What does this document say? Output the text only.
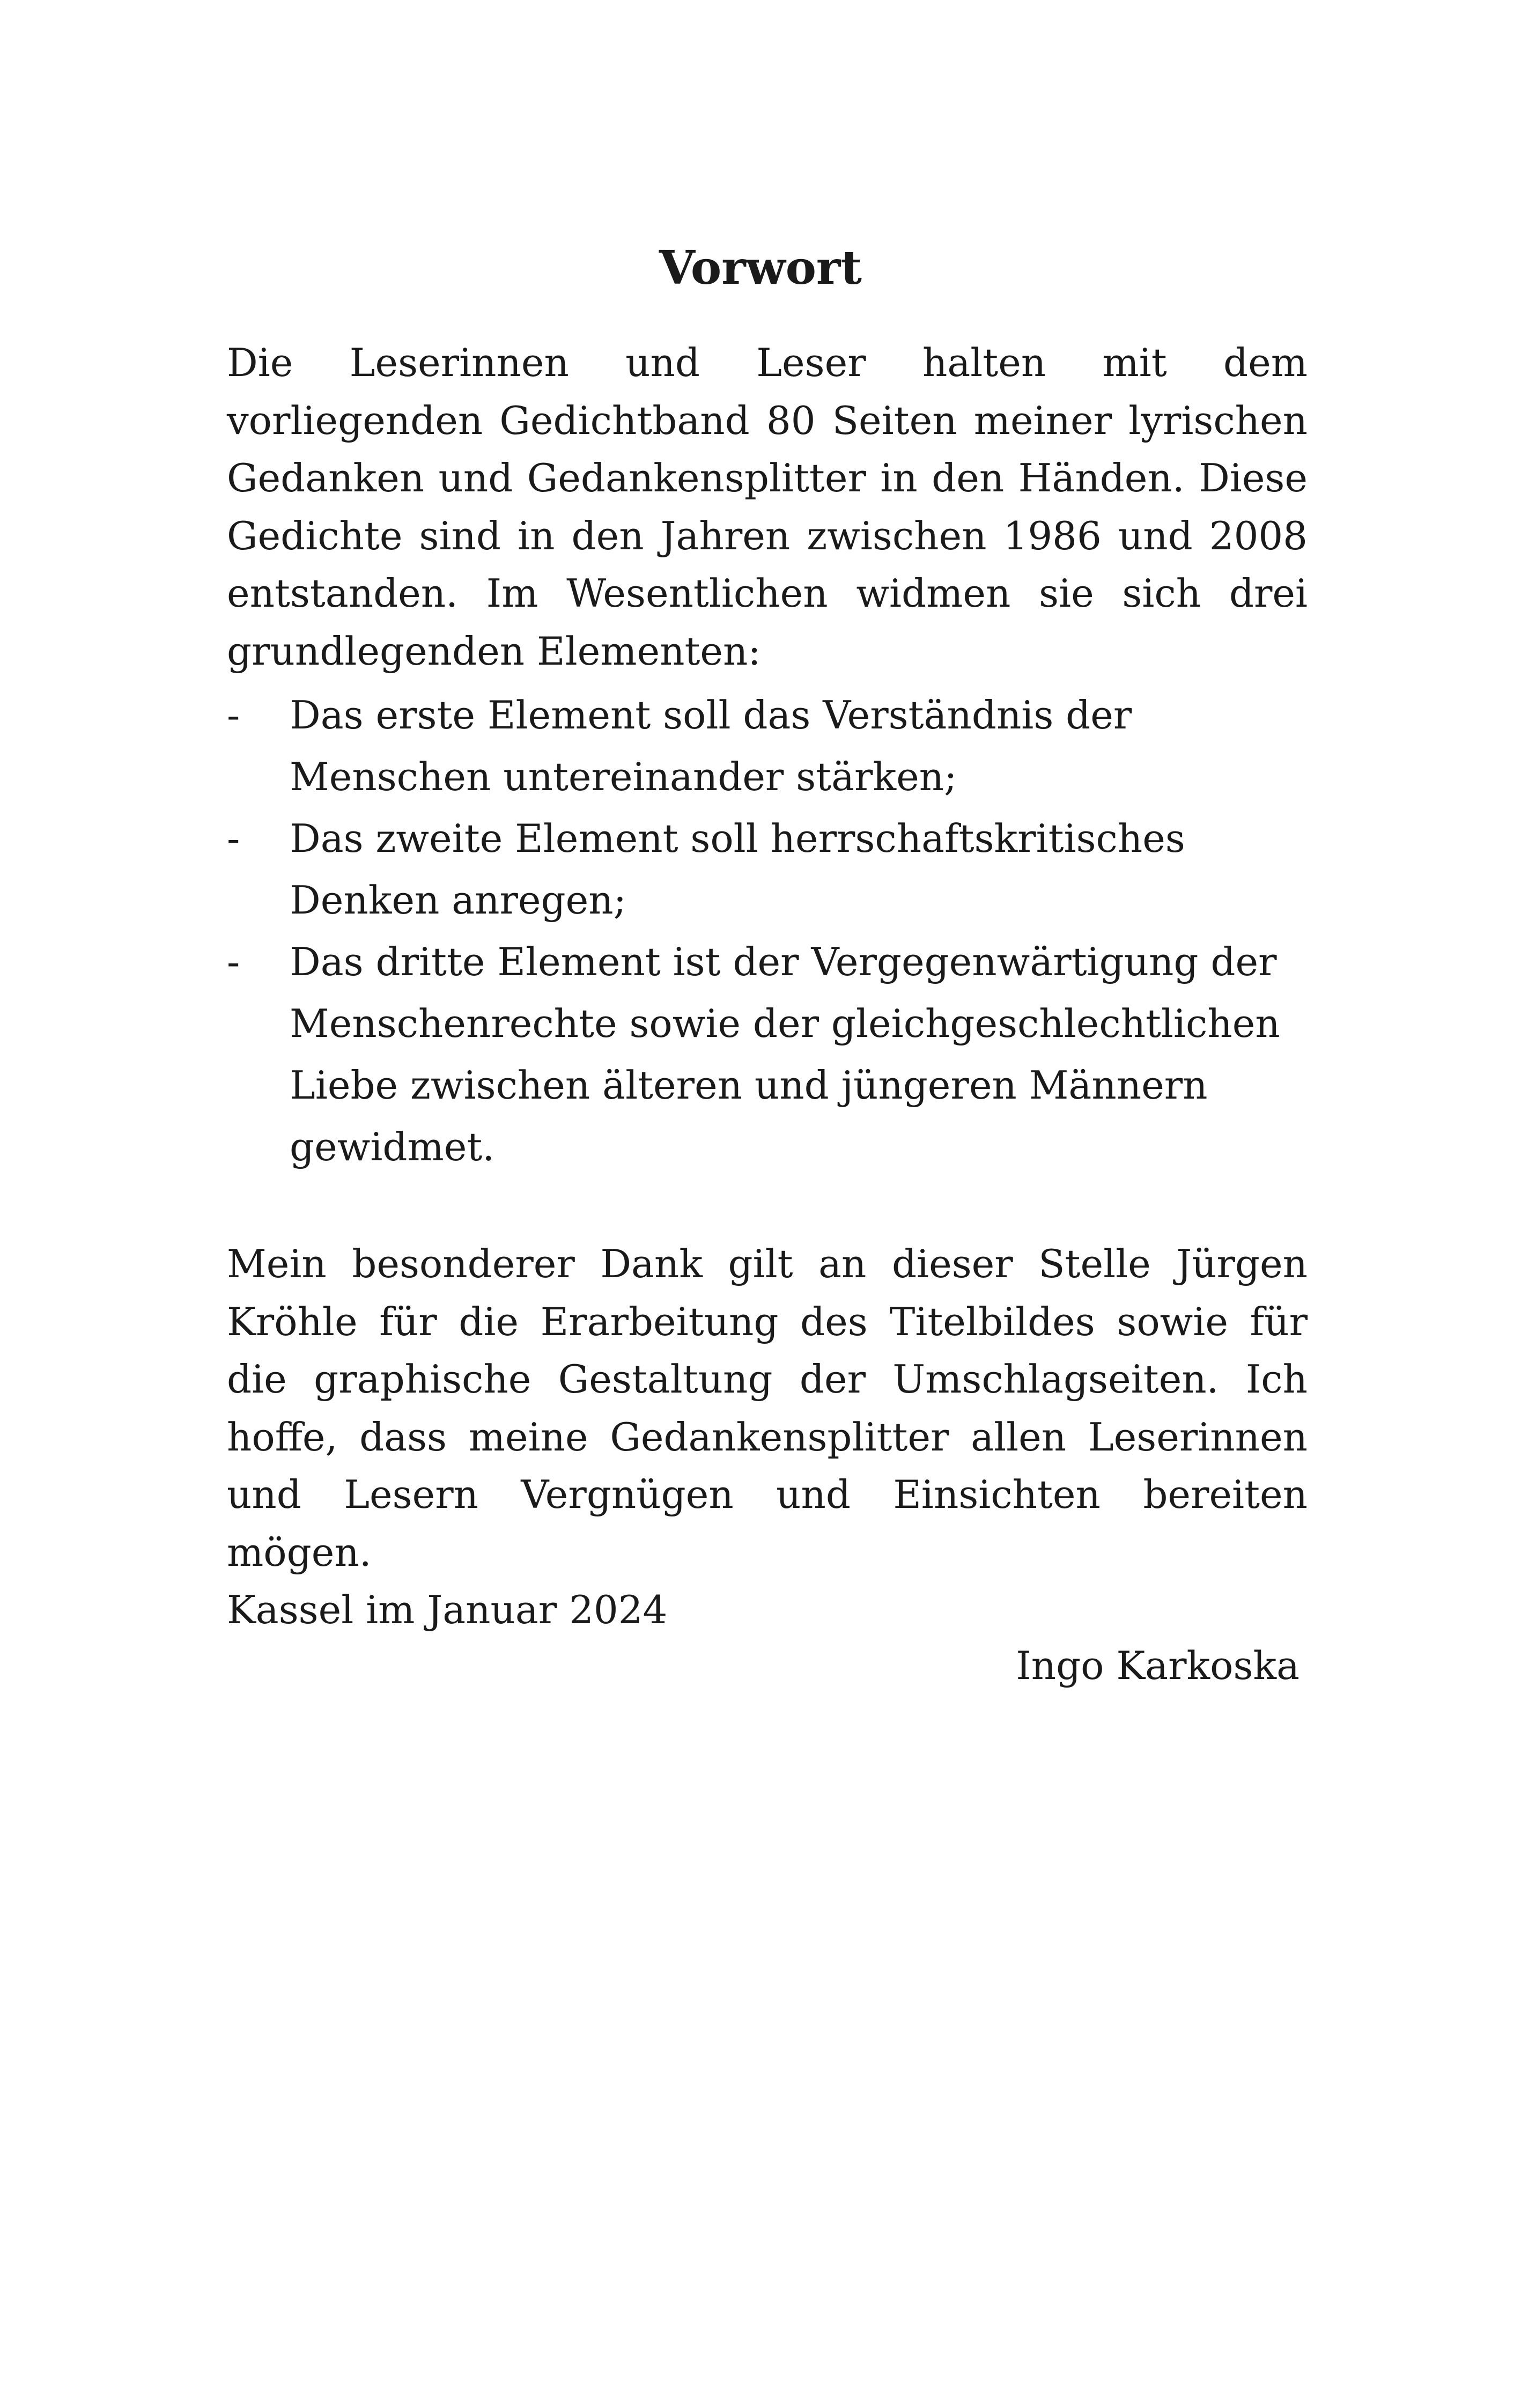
Vorwort

Die Leserinnen und Leser halten mit dem vorliegenden Gedichtband 80 Seiten meiner lyrischen Gedanken und Gedankensplitter in den Händen. Diese Gedichte sind in den Jahren zwischen 1986 und 2008 entstanden. Im Wesentlichen widmen sie sich drei grundlegenden Elementen:

-	Das erste Element soll das Verständnis der Menschen untereinander stärken;
-	Das zweite Element soll herrschaftskritisches Denken anregen;
-	Das dritte Element ist der Vergegenwärtigung der Menschenrechte sowie der gleichgeschlechtlichen Liebe zwischen älteren und jüngeren Männern gewidmet.

Mein besonderer Dank gilt an dieser Stelle Jürgen Kröhle für die Erarbeitung des Titelbildes sowie für die graphische Gestaltung der Umschlagseiten. Ich hoffe, dass meine Gedankensplitter allen Leserinnen und Lesern Vergnügen und Einsichten bereiten mögen.

Kassel im Januar 2024
Ingo Karkoska
